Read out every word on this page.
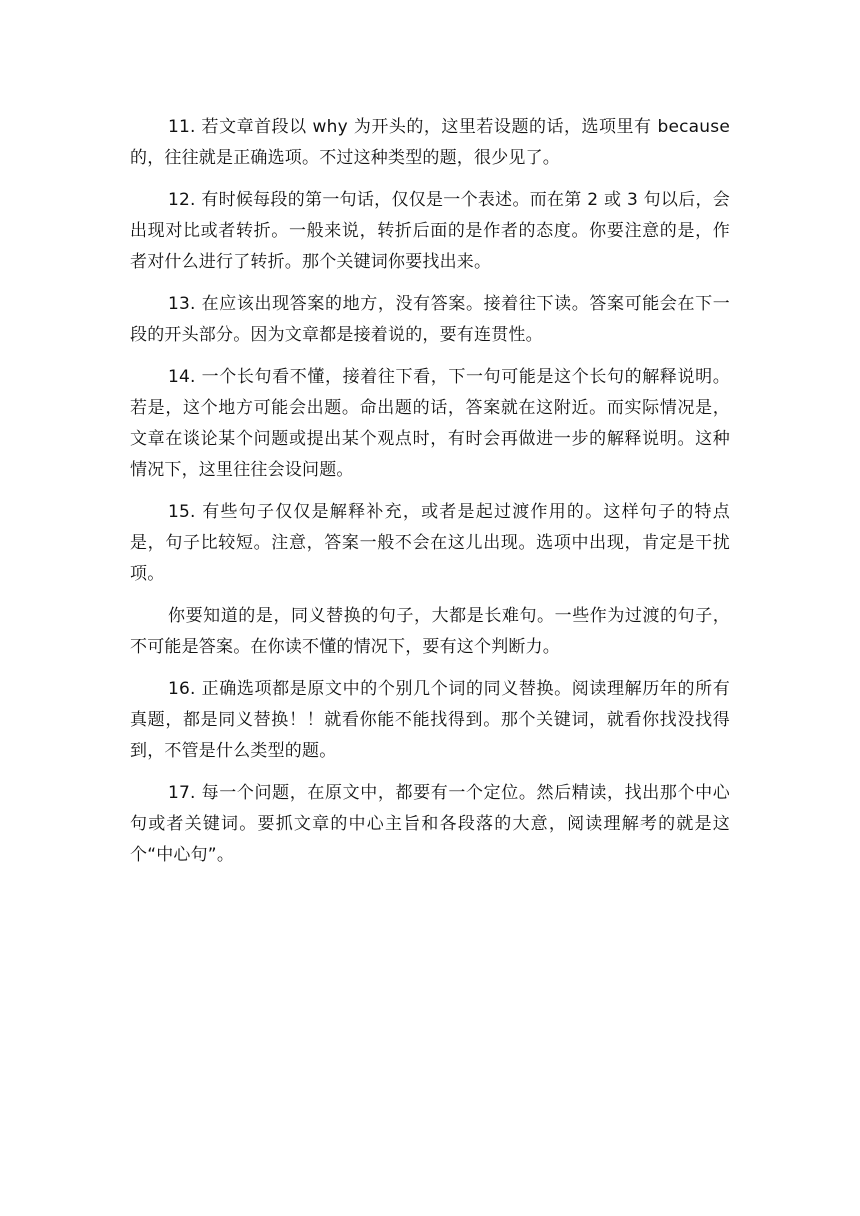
11. 若文章首段以 why 为开头的，这里若设题的话，选项里有 because 的，往往就是正确选项。不过这种类型的题，很少见了。

12. 有时候每段的第一句话，仅仅是一个表述。而在第 2 或 3 句以后，会出现对比或者转折。一般来说，转折后面的是作者的态度。你要注意的是，作者对什么进行了转折。那个关键词你要找出来。

13. 在应该出现答案的地方，没有答案。接着往下读。答案可能会在下一段的开头部分。因为文章都是接着说的，要有连贯性。

14. 一个长句看不懂，接着往下看，下一句可能是这个长句的解释说明。若是，这个地方可能会出题。命出题的话，答案就在这附近。而实际情况是，文章在谈论某个问题或提出某个观点时，有时会再做进一步的解释说明。这种情况下，这里往往会设问题。

15. 有些句子仅仅是解释补充，或者是起过渡作用的。这样句子的特点是，句子比较短。注意，答案一般不会在这儿出现。选项中出现，肯定是干扰项。

你要知道的是，同义替换的句子，大都是长难句。一些作为过渡的句子，不可能是答案。在你读不懂的情况下，要有这个判断力。

16. 正确选项都是原文中的个别几个词的同义替换。阅读理解历年的所有真题，都是同义替换！！就看你能不能找得到。那个关键词，就看你找没找得到，不管是什么类型的题。

17. 每一个问题，在原文中，都要有一个定位。然后精读，找出那个中心句或者关键词。要抓文章的中心主旨和各段落的大意，阅读理解考的就是这个“中心句”。
